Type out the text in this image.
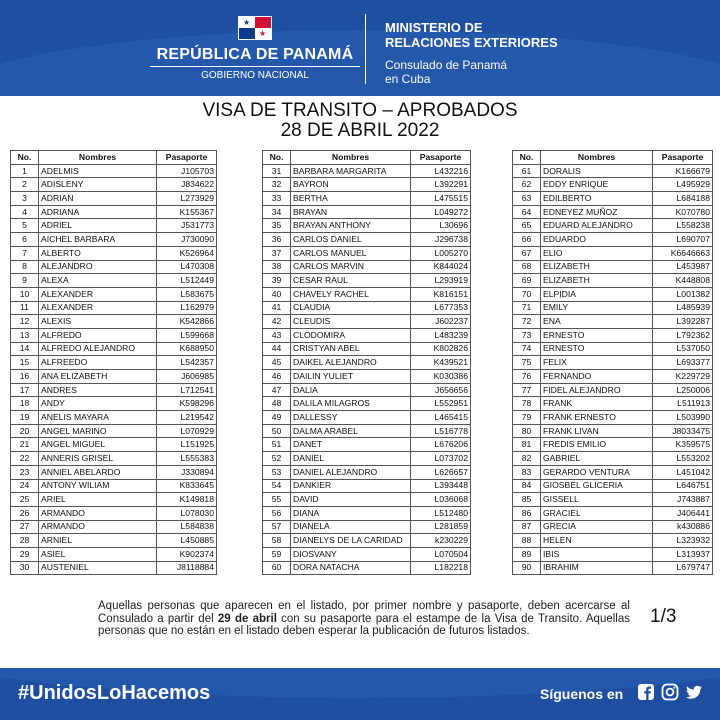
★
★
REPÚBLICA DE PANAMÁ
GOBIERNO NACIONAL
MINISTERIO DE
RELACIONES EXTERIORES
Consulado de Panamá
en Cuba
VISA DE TRANSITO – APROBADOS
28 DE ABRIL 2022
No.	Nombres	Pasaporte
1	ADELMIS	J105703
2	ADISLENY	J834622
3	ADRIAN	L273929
4	ADRIANA	K155367
5	ADRIEL	J531773
6	AICHEL BARBARA	J730090
7	ALBERTO	K526964
8	ALEJANDRO	L470308
9	ALEXA	L512449
10	ALEXANDER	L583675
11	ALEXANDER	L162979
12	ALEXIS	K542866
13	ALFREDO	L599668
14	ALFREDO ALEJANDRO	K688950
15	ALFREEDO	L542357
16	ANA ELIZABETH	J606985
17	ANDRES	L712541
18	ANDY	K598296
19	ANELIS MAYARA	L219542
20	ANGEL MARINO	L070929
21	ANGEL MIGUEL	L151925
22	ANNERIS GRISEL	L555383
23	ANNIEL ABELARDO	J330894
24	ANTONY WILIAM	K833645
25	ARIEL	K149818
26	ARMANDO	L078030
27	ARMANDO	L584838
28	ARNIEL	L450885
29	ASIEL	K902374
30	AUSTENIEL	J8118884
No.	Nombres	Pasaporte
31	BARBARA MARGARITA	L432216
32	BAYRON	L392291
33	BERTHA	L475515
34	BRAYAN	L049272
35	BRAYAN ANTHONY	L30696
36	CARLOS DANIEL	J296738
37	CARLOS MANUEL	L005270
38	CARLOS MARVIN	K844024
39	CESAR RAUL	L293919
40	CHAVELY RACHEL	K816151
41	CLAUDIA	L677353
42	CLEUDIS	J602237
43	CLODOMIRA	L483239
44	CRISTYAN ABEL	K802826
45	DAIKEL ALEJANDRO	K439521
46	DAILIN YULIET	K030386
47	DALIA	J656656
48	DALILA MILAGROS	L552951
49	DALLESSY	L465415
50	DALMA ARABEL	L516778
51	DANET	L676206
52	DANIEL	L073702
53	DANIEL ALEJANDRO	L626657
54	DANKIER	L393448
55	DAVID	L036068
56	DIANA	L512480
57	DIANELA	L281859
58	DIANELYS DE LA CARIDAD	k230229
59	DIOSVANY	L070504
60	DORA NATACHA	L182218
No.	Nombres	Pasaporte
61	DORALIS	K166679
62	EDDY ENRIQUE	L495929
63	EDILBERTO	L684188
64	EDNEYEZ MUÑOZ	K070780
65	EDUARD ALEJANDRO	L558238
66	EDUARDO	L690707
67	ELIO	K6646663
68	ELIZABETH	L453987
69	ELIZABETH	K448808
70	ELPIDIA	L001382
71	EMILY	L485939
72	ENA	L392287
73	ERNESTO	L792362
74	ERNESTO	L537050
75	FELIX	L693377
76	FERNANDO	K229729
77	FIDEL ALEJANDRO	L250006
78	FRANK	L511913
79	FRANK ERNESTO	L503990
80	FRANK LIVAN	J8033475
81	FREDIS EMILIO	K359575
82	GABRIEL	L553202
83	GERARDO VENTURA	L451042
84	GIOSBEL GLICERIA	L646751
85	GISSELL	J743887
86	GRACIEL	J406441
87	GRECIA	k430886
88	HELEN	L323932
89	IBIS	L313937
90	IBRAHIM	L679747
Aquellas personas que aparecen en el listado, por primer nombre y pasaporte, deben acercarse al Consulado a partir del 29 de abril con su pasaporte para el estampe de la Visa de Transito. Aquellas personas que no están en el listado deben esperar la publicación de futuros listados.
1/3
#UnidosLoHacemos	Síguenos en
